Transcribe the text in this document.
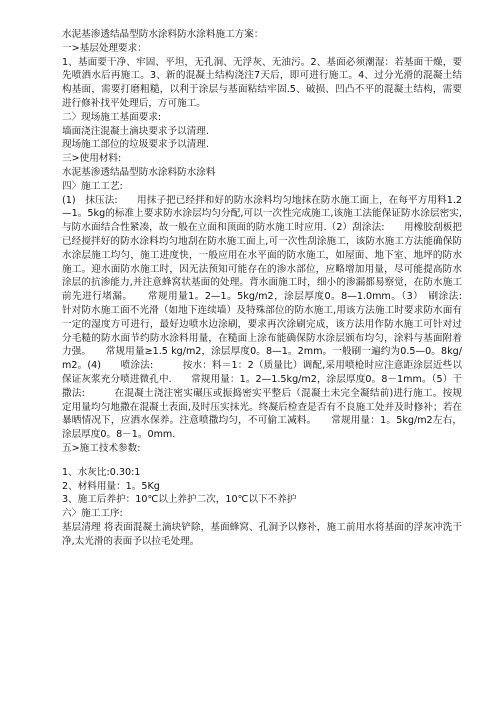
水泥基渗透结晶型防水涂料防水涂料施工方案：
一>基层处理要求：
1、基面要干净、牢固、平坦，无孔洞、无浮灰、无油污。2、基面必须潮湿：若基面干燥，要先喷洒水后再施工。3、新的混凝土结构浇注7天后，即可进行施工。4、过分光滑的混凝土结构基面，需要打磨粗糙，以利于涂层与基面粘结牢固.5、破损、凹凸不平的混凝土结构，需要进行修补找平处理后，方可施工。
二〉现场施工基面要求:
墙面浇注混凝土滴块要求予以清理.
现场施工部位的垃圾要求予以清理.
三>使用材料:
水泥基渗透结晶型防水涂料防水涂料
四〉施工工艺:
(1)　抹压法:　　用抹子把已经拌和好的防水涂料均匀地抹在防水施工面上，在每平方用料1.2—1。5kg的标准上要求防水涂层均匀分配,可以一次性完成施工,该施工法能保证防水涂层密实,与防水面结合性紧凑，故一般在立面和顶面的防水施工时应用.（2）刮涂法:　　用橡胶刮板把已经搅拌好的防水涂料均匀地刮在防水施工面上,可一次性刮涂施工，该防水施工方法能确保防水涂层施工均匀，施工进度快，一般应用在水平面的防水施工，如屋面、地下室、地坪的防水施工。迎水面防水施工时，因无法预知可能存在的渗水部位，应略增加用量，尽可能提高防水涂层的抗渗能力,并注意蜂窝状基面的处理。背水面施工时，细小的渗漏都易察觉，在防水施工前先进行堵漏。　　常规用量1。2—1。5kg/m2，涂层厚度0。8—1.0mm。（3）　刷涂法:　　针对防水施工面不光滑（如地下连续墙）及特殊部位的防水施工,用该方法施工时要求防水面有一定的湿度方可进行，最好边喷水边涂刷，要求再次涂刷完成，该方法用作防水施工可针对过分毛糙的防水面节约防水涂料用量，在糙面上涂布能确保防水涂层颁布均匀，涂料与基面附着力强。　　常规用量≥1.5 kg/m2，涂层厚度0。8—1。2mm。一般刷一遍约为0.5—0。8kg/m2。(4)　　喷涂法:　　　按水：料＝1：2（质量比）调配,采用喷枪时应注意距涂层近些以保证灰浆充分喷进微孔中.　　常规用量：1。2—1.5kg/m2，涂层厚度0。8－1mm。（5）干撒法:　　　在混凝土浇注密实碾压或振捣密实平整后（混凝土未完全凝结前)进行施工。按规定用量均匀地撒在混凝土表面,及时压实抹光。终凝后检查是否有不良施工处并及时修补；若在暴晒情况下，应洒水保养。注意喷撒均匀，不可偷工减料。　　常规用量：1。5kg/m2左右，涂层厚度0。8－1。0mm.
五>施工技术参数:
1、水灰比:0.30:1
2、材料用量：1。5Kg
3、施工后养护：10℃以上养护二次，10℃以下不养护
六〉施工工序:
基层清理 将表面混凝土滴块铲除，基面蜂窝、孔洞予以修补，施工前用水将基面的浮灰冲洗干净,太光滑的表面予以拉毛处理。
